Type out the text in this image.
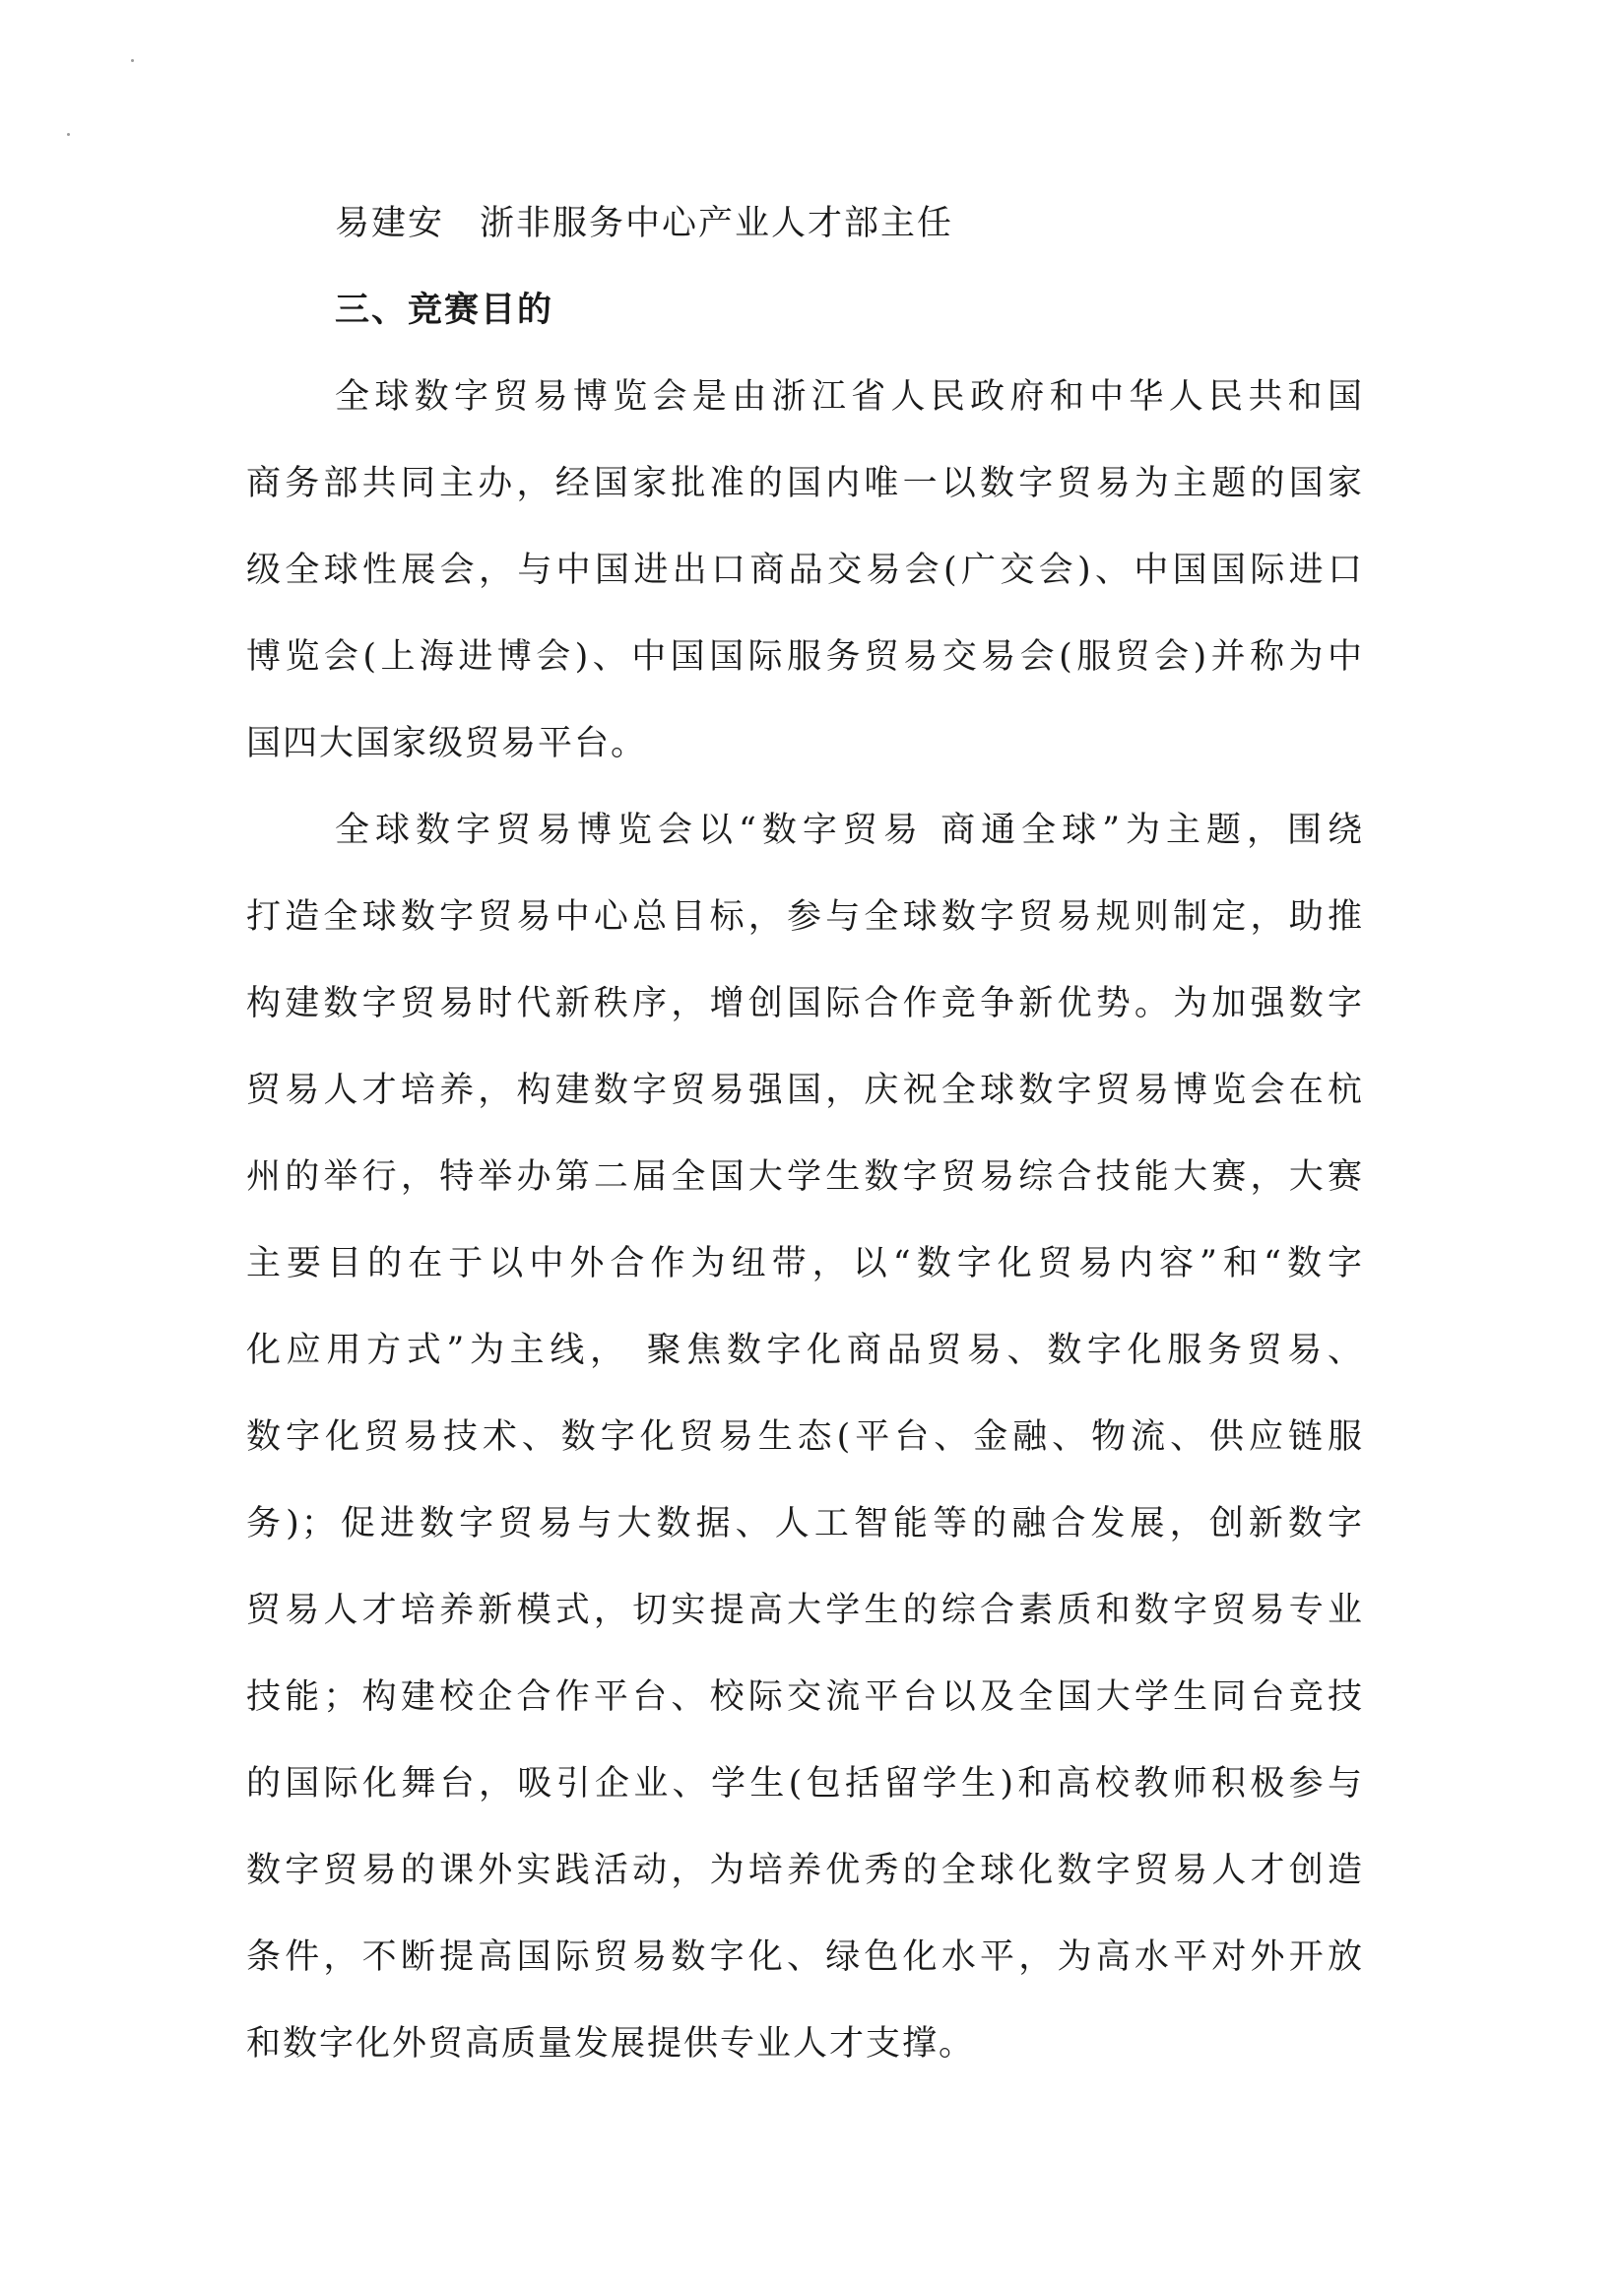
易建安 浙非服务中心产业人才部主任

三、竞赛目的

全球数字贸易博览会是由浙江省人民政府和中华人民共和国
商务部共同主办，经国家批准的国内唯一以数字贸易为主题的国家
级全球性展会，与中国进出口商品交易会(广交会)、中国国际进口
博览会(上海进博会)、中国国际服务贸易交易会(服贸会)并称为中
国四大国家级贸易平台。
全球数字贸易博览会以“数字贸易 商通全球”为主题，围绕
打造全球数字贸易中心总目标，参与全球数字贸易规则制定，助推
构建数字贸易时代新秩序，增创国际合作竞争新优势。为加强数字
贸易人才培养，构建数字贸易强国，庆祝全球数字贸易博览会在杭
州的举行，特举办第二届全国大学生数字贸易综合技能大赛，大赛
主要目的在于以中外合作为纽带，以“数字化贸易内容”和“数字
化应用方式”为主线， 聚焦数字化商品贸易、数字化服务贸易、
数字化贸易技术、数字化贸易生态(平台、金融、物流、供应链服
务)；促进数字贸易与大数据、人工智能等的融合发展，创新数字
贸易人才培养新模式，切实提高大学生的综合素质和数字贸易专业
技能；构建校企合作平台、校际交流平台以及全国大学生同台竞技
的国际化舞台，吸引企业、学生(包括留学生)和高校教师积极参与
数字贸易的课外实践活动，为培养优秀的全球化数字贸易人才创造
条件，不断提高国际贸易数字化、绿色化水平，为高水平对外开放
和数字化外贸高质量发展提供专业人才支撑。
